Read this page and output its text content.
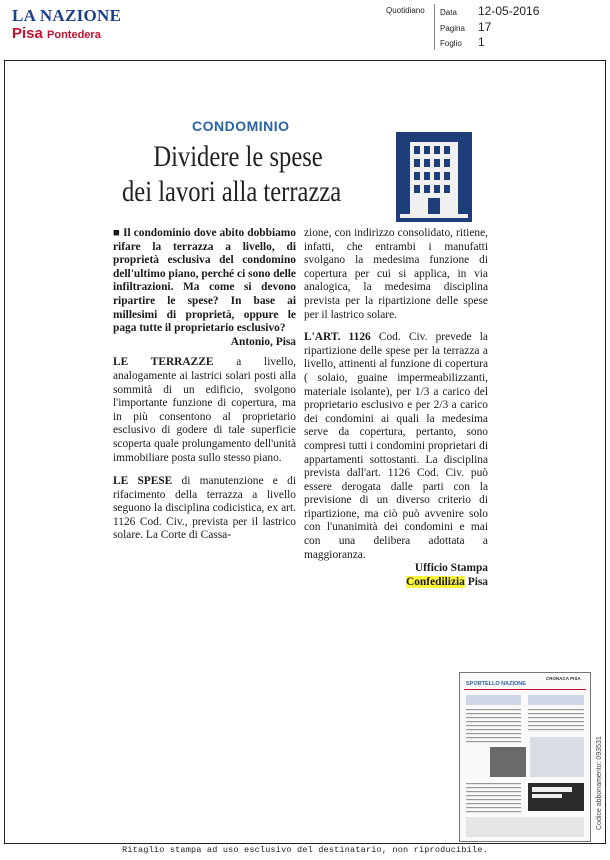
LA NAZIONE
Pisa Pontedera
Quotidiano Data 12-05-2016
Pagina 17
Foglio 1
CONDOMINIO
Dividere le spese
dei lavori alla terrazza
■ Il condominio dove abito dobbiamo rifare la terrazza a livello, di proprietà esclusiva del condomino dell'ultimo piano, perché ci sono delle infiltrazioni. Ma come si devono ripartire le spese? In base ai millesimi di proprietà, oppure le paga tutte il proprietario esclusivo?
Antonio, Pisa
LE TERRAZZE a livello, analogamente ai lastrici solari posti alla sommità di un edificio, svolgono l'importante funzione di copertura, ma in più consentono al proprietario esclusivo di godere di tale superficie scoperta quale prolungamento dell'unità immobiliare posta sullo stesso piano.
LE SPESE di manutenzione e di rifacimento della terrazza a livello seguono la disciplina codicistica, ex art. 1126 Cod. Civ., prevista per il lastrico solare. La Corte di Cassa-
zione, con indirizzo consolidato, ritiene, infatti, che entrambi i manufatti svolgano la medesima funzione di copertura per cui si applica, in via analogica, la medesima disciplina prevista per la ripartizione delle spese per il lastrico solare.
L'ART. 1126 Cod. Civ. prevede la ripartizione delle spese per la terrazza a livello, attinenti al funzione di copertura ( solaio, guaine impermeabilizzanti, materiale isolante), per 1/3 a carico del proprietario esclusivo e per 2/3 a carico dei condomini ai quali la medesima serve da copertura, pertanto, sono compresi tutti i condomini proprietari di appartamenti sottostanti. La disciplina prevista dall'art. 1126 Cod. Civ. può essere derogata dalle parti con la previsione di un diverso criterio di ripartizione, ma ciò può avvenire solo con l'unanimità dei condomini e mai con una delibera adottata a maggioranza.
Ufficio Stampa
Confedilizia Pisa
SPORTELLO NAZIONE
CRONACA PISA
Codice abbonamento: 093531
Ritaglio stampa ad uso esclusivo del destinatario, non riproducibile.
